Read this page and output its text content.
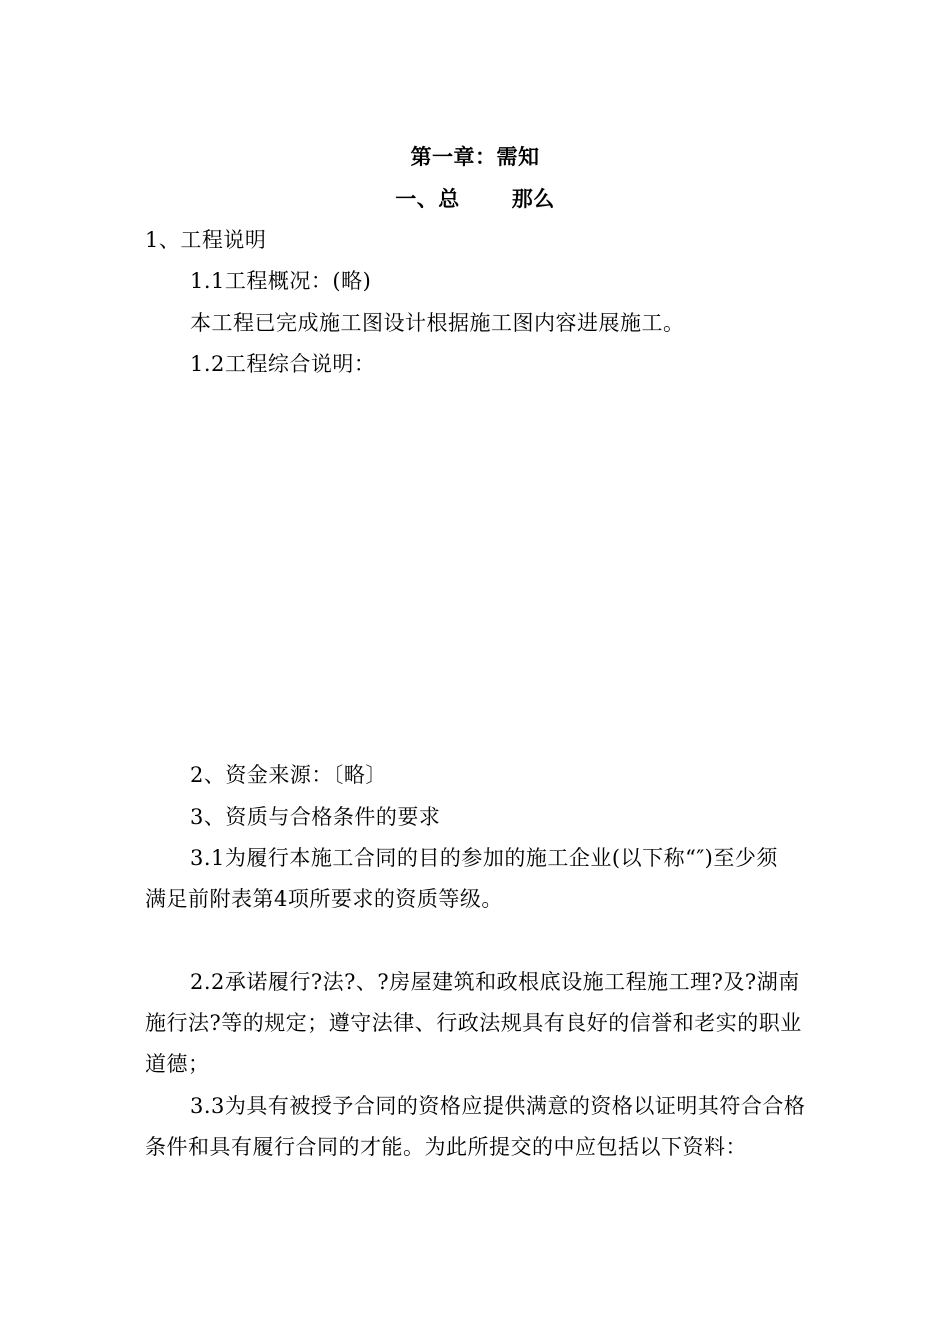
第一章：需知
一、总 那么
1、工程说明
1.1工程概况：(略)
本工程已完成施工图设计根据施工图内容进展施工。
1.2工程综合说明：
2、资金来源：〔略〕
3、资质与合格条件的要求
3.1为履行本施工合同的目的参加的施工企业(以下称“″)至少须
满足前附表第4项所要求的资质等级。
2.2承诺履行?法?、?房屋建筑和政根底设施工程施工理?及?湖南
施行法?等的规定；遵守法律、行政法规具有良好的信誉和老实的职业
道德；
3.3为具有被授予合同的资格应提供满意的资格以证明其符合合格
条件和具有履行合同的才能。为此所提交的中应包括以下资料：
